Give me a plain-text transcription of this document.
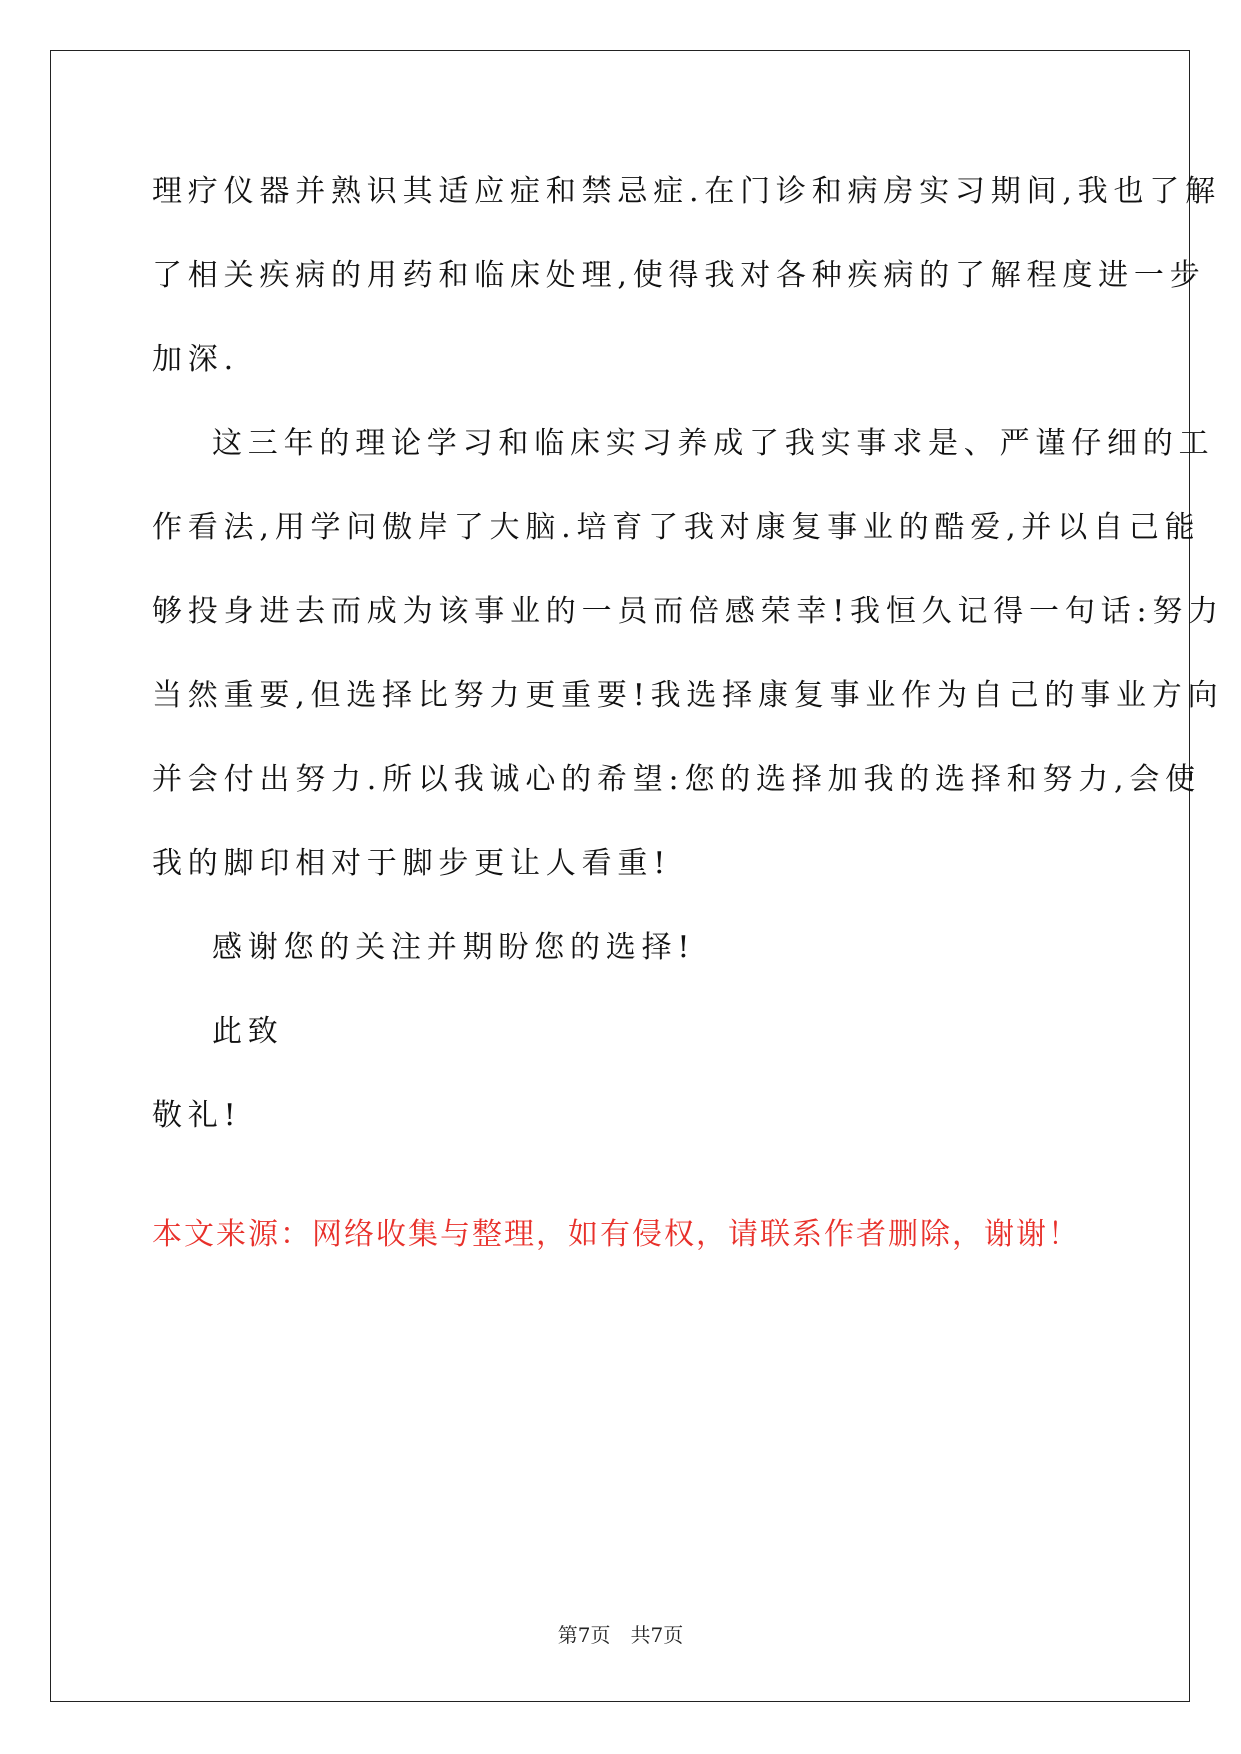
理疗仪器并熟识其适应症和禁忌症.在门诊和病房实习期间,我也了解
了相关疾病的用药和临床处理,使得我对各种疾病的了解程度进一步
加深.
这三年的理论学习和临床实习养成了我实事求是、严谨仔细的工
作看法,用学问傲岸了大脑.培育了我对康复事业的酷爱,并以自己能
够投身进去而成为该事业的一员而倍感荣幸!我恒久记得一句话:努力
当然重要,但选择比努力更重要!我选择康复事业作为自己的事业方向
并会付出努力.所以我诚心的希望:您的选择加我的选择和努力,会使
我的脚印相对于脚步更让人看重!
感谢您的关注并期盼您的选择!
此致
敬礼!
本文来源：网络收集与整理，如有侵权，请联系作者删除，谢谢！
第7页　共7页
